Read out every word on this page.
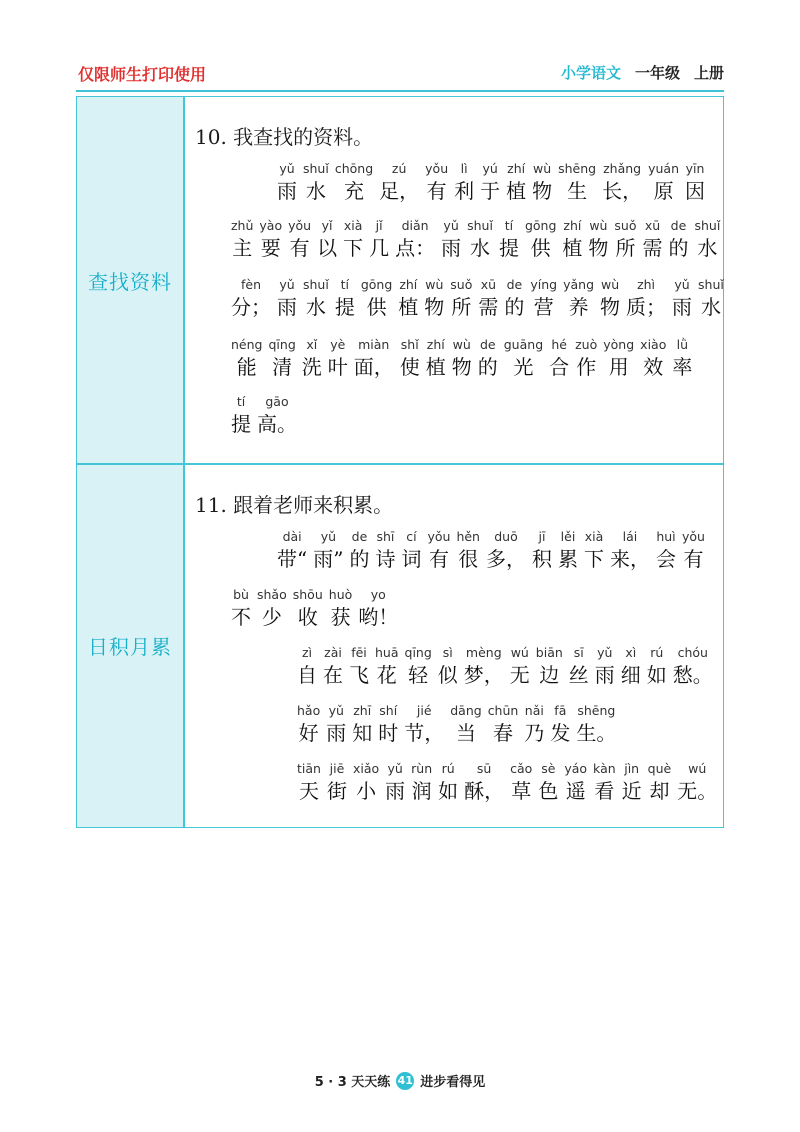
仅限师生打印使用	小学语文 一年级 上册
查找资料
日积月累
10. 我查找的资料。
yǔ
雨
shuǐ
水
chōng
充
zú
足，
yǒu
有
lì
利
yú
于
zhí
植
wù
物
shēng
生
zhǎng
长，
yuán
原
yīn
因
zhǔ
主
yào
要
yǒu
有
yǐ
以
xià
下
jǐ
几
diǎn
点：
yǔ
雨
shuǐ
水
tí
提
gōng
供
zhí
植
wù
物
suǒ
所
xū
需
de
的
shuǐ
水
fèn
分；
yǔ
雨
shuǐ
水
tí
提
gōng
供
zhí
植
wù
物
suǒ
所
xū
需
de
的
yíng
营
yǎng
养
wù
物
zhì
质；
yǔ
雨
shuǐ
水
néng
能
qīng
清
xǐ
洗
yè
叶
miàn
面，
shǐ
使
zhí
植
wù
物
de
的
guāng
光
hé
合
zuò
作
yòng
用
xiào
效
lǜ
率
tí
提
gāo
高。
11. 跟着老师来积累。
dài
带“
yǔ
雨”
de
的
shī
诗
cí
词
yǒu
有
hěn
很
duō
多，
jī
积
lěi
累
xià
下
lái
来，
huì
会
yǒu
有
bù
不
shǎo
少
shōu
收
huò
获
yo
哟！
zì
自
zài
在
fēi
飞
huā
花
qīng
轻
sì
似
mèng
梦，
wú
无
biān
边
sī
丝
yǔ
雨
xì
细
rú
如
chóu
愁。
hǎo
好
yǔ
雨
zhī
知
shí
时
jié
节，
dāng
当
chūn
春
nǎi
乃
fā
发
shēng
生。
tiān
天
jiē
街
xiǎo
小
yǔ
雨
rùn
润
rú
如
sū
酥，
cǎo
草
sè
色
yáo
遥
kàn
看
jìn
近
què
却
wú
无。
5 · 3 天天练 41 进步看得见
